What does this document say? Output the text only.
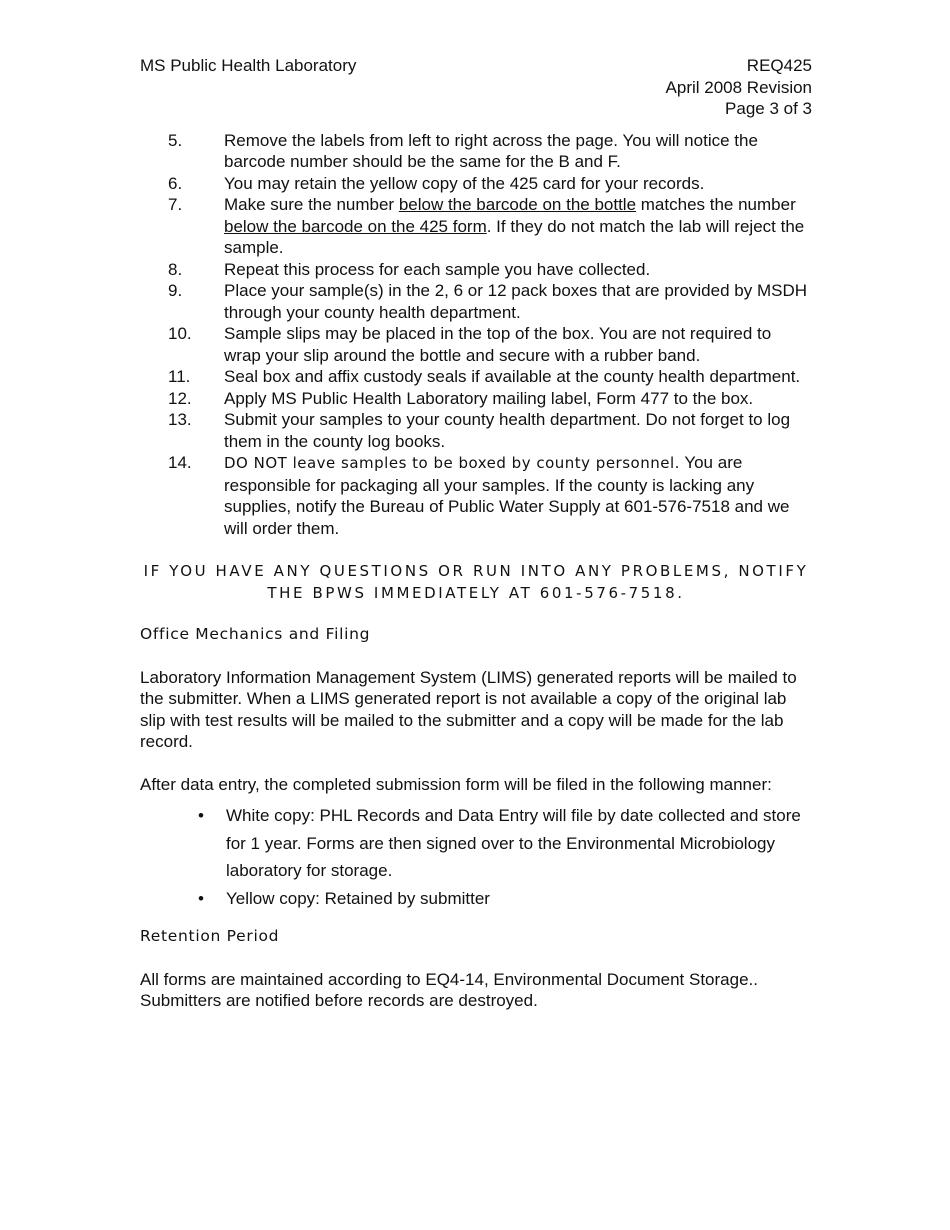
MS Public Health Laboratory	REQ425
April 2008 Revision
Page 3 of 3
5.	Remove the labels from left to right across the page. You will notice the barcode number should be the same for the B and F.
6.	You may retain the yellow copy of the 425 card for your records.
7.	Make sure the number below the barcode on the bottle matches the number below the barcode on the 425 form. If they do not match the lab will reject the sample.
8.	Repeat this process for each sample you have collected.
9.	Place your sample(s) in the 2, 6 or 12 pack boxes that are provided by MSDH through your county health department.
10.	Sample slips may be placed in the top of the box. You are not required to wrap your slip around the bottle and secure with a rubber band.
11.	Seal box and affix custody seals if available at the county health department.
12.	Apply MS Public Health Laboratory mailing label, Form 477 to the box.
13.	Submit your samples to your county health department. Do not forget to log them in the county log books.
14.	DO NOT leave samples to be boxed by county personnel. You are responsible for packaging all your samples. If the county is lacking any supplies, notify the Bureau of Public Water Supply at 601-576-7518 and we will order them.
IF YOU HAVE ANY QUESTIONS OR RUN INTO ANY PROBLEMS, NOTIFY
THE BPWS IMMEDIATELY AT 601-576-7518.
Office Mechanics and Filing
Laboratory Information Management System (LIMS) generated reports will be mailed to the submitter. When a LIMS generated report is not available a copy of the original lab slip with test results will be mailed to the submitter and a copy will be made for the lab record.
After data entry, the completed submission form will be filed in the following manner:
•	White copy: PHL Records and Data Entry will file by date collected and store for 1 year. Forms are then signed over to the Environmental Microbiology laboratory for storage.
•	Yellow copy: Retained by submitter
Retention Period
All forms are maintained according to EQ4-14, Environmental Document Storage.. Submitters are notified before records are destroyed.
